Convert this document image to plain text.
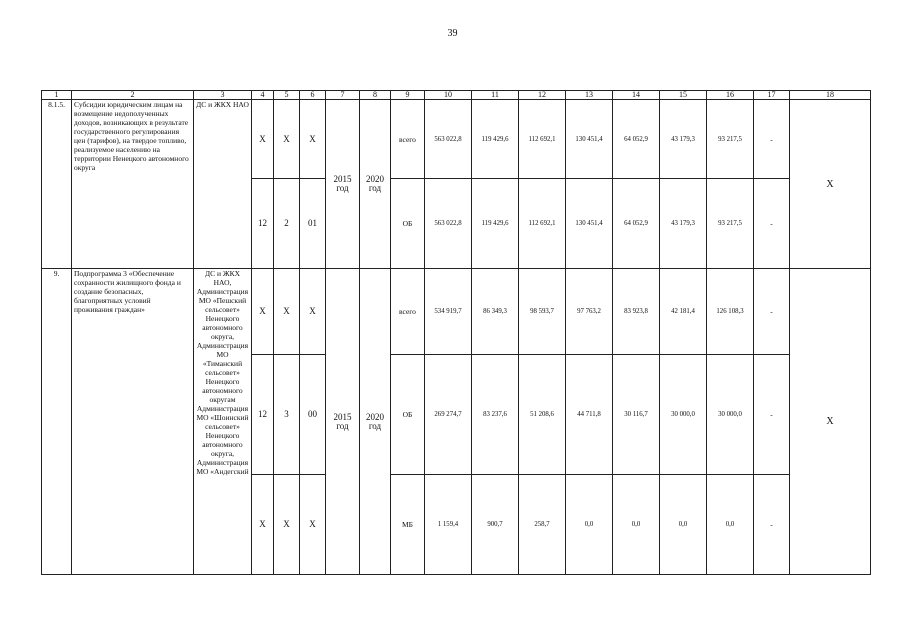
39
1	2	3	4	5	6	7	8	9	10	11	12	13	14	15	16	17	18
8.1.5.	Субсидии юридическим лицам на возмещение недополученных доходов, возникающих в результате государственного регулирования цен (тарифов), на твердое топливо, реализуемое населению на территории Ненецкого автономного округа	ДС и ЖКХ НАО	Х	Х	Х	2015 год	2020 год	всего	563 022,8	119 429,6	112 692,1	130 451,4	64 052,9	43 179,3	93 217,5	-	Х
			12	2	01			ОБ	563 022,8	119 429,6	112 692,1	130 451,4	64 052,9	43 179,3	93 217,5	-	
9.	Подпрограмма 3 «Обеспечение сохранности жилищного фонда и создание безопасных, благоприятных условий проживания граждан»	ДС и ЖКХ НАО, Администрация МО «Пешский сельсовет» Ненецкого автономного округа, Администрация МО «Тиманский сельсовет» Ненецкого автономного округам Администрация МО «Шоинский сельсовет» Ненецкого автономного округа, Администрация МО «Андегский	Х	Х	Х	2015 год	2020 год	всего	534 919,7	86 349,3	98 593,7	97 763,2	83 923,8	42 181,4	126 108,3	-	Х
			12	3	00			ОБ	269 274,7	83 237,6	51 208,6	44 711,8	30 116,7	30 000,0	30 000,0	-	
			Х	Х	Х			МБ	1 159,4	900,7	258,7	0,0	0,0	0,0	0,0	-	
